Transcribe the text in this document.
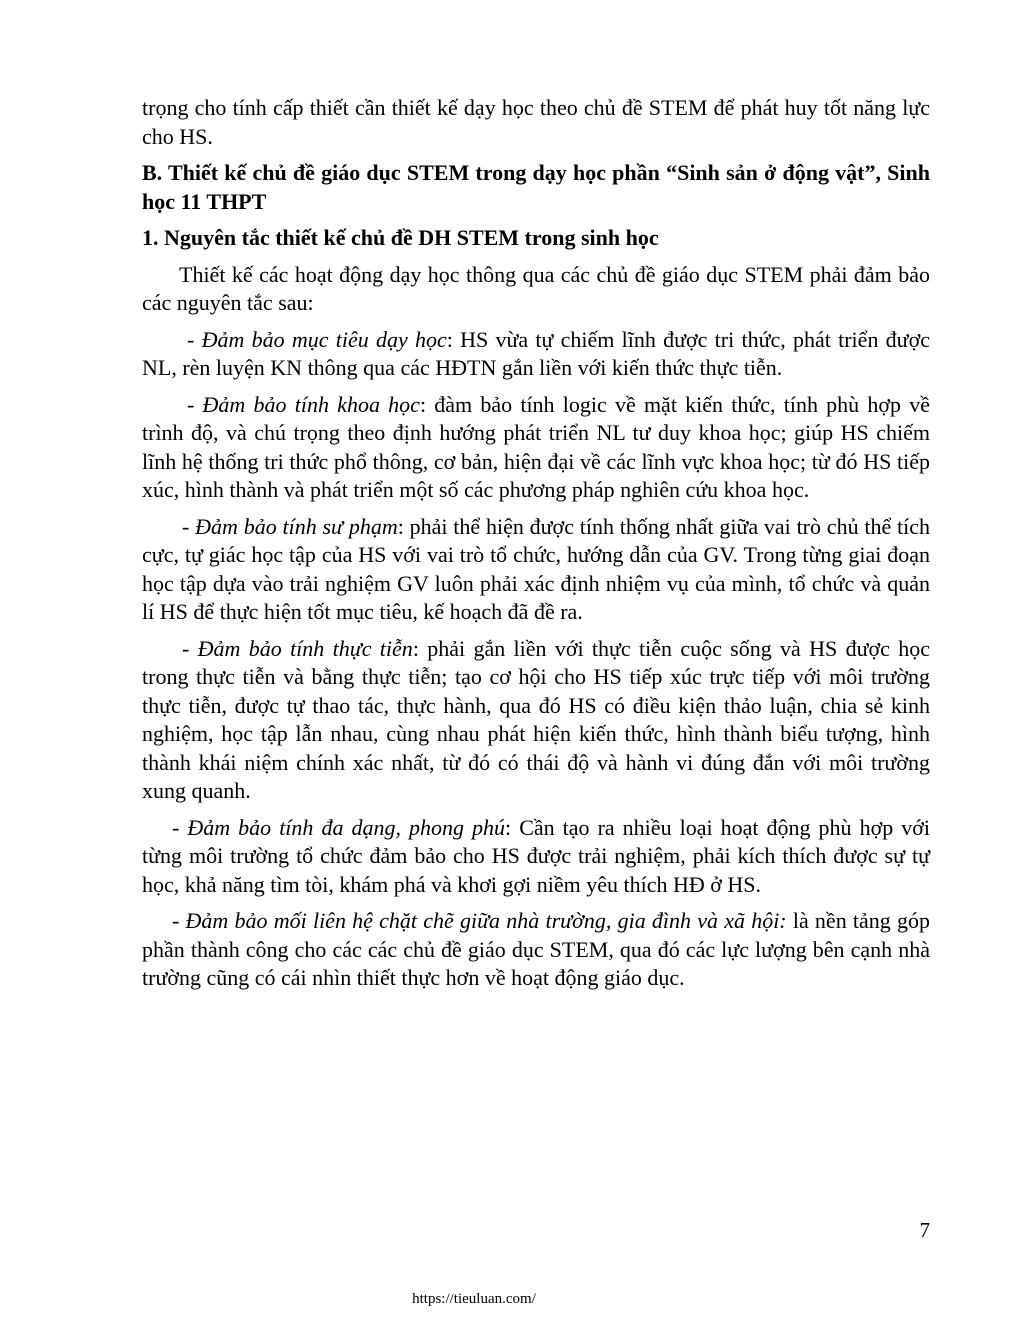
trọng cho tính cấp thiết cần thiết kế dạy học theo chủ đề STEM để phát huy tốt năng lực cho HS.

B. Thiết kế chủ đề giáo dục STEM trong dạy học phần “Sinh sản ở động vật”, Sinh học 11 THPT

1. Nguyên tắc thiết kế chủ đề DH STEM trong sinh học

Thiết kế các hoạt động dạy học thông qua các chủ đề giáo dục STEM phải đảm bảo các nguyên tắc sau:

- Đảm bảo mục tiêu dạy học: HS vừa tự chiếm lĩnh được tri thức, phát triển được NL, rèn luyện KN thông qua các HĐTN gắn liền với kiến thức thực tiễn.

- Đảm bảo tính khoa học: đàm bảo tính logic về mặt kiến thức, tính phù hợp về trình độ, và chú trọng theo định hướng phát triển NL tư duy khoa học; giúp HS chiếm lĩnh hệ thống tri thức phổ thông, cơ bản, hiện đại về các lĩnh vực khoa học; từ đó HS tiếp xúc, hình thành và phát triển một số các phương pháp nghiên cứu khoa học.

- Đảm bảo tính sư phạm: phải thể hiện được tính thống nhất giữa vai trò chủ thể tích cực, tự giác học tập của HS với vai trò tổ chức, hướng dẫn của GV. Trong từng giai đoạn học tập dựa vào trải nghiệm GV luôn phải xác định nhiệm vụ của mình, tổ chức và quản lí HS để thực hiện tốt mục tiêu, kế hoạch đã đề ra.

- Đảm bảo tính thực tiễn: phải gắn liền với thực tiễn cuộc sống và HS được học trong thực tiễn và bằng thực tiễn; tạo cơ hội cho HS tiếp xúc trực tiếp với môi trường thực tiễn, được tự thao tác, thực hành, qua đó HS có điều kiện thảo luận, chia sẻ kinh nghiệm, học tập lẫn nhau, cùng nhau phát hiện kiến thức, hình thành biểu tượng, hình thành khái niệm chính xác nhất, từ đó có thái độ và hành vi đúng đắn với môi trường xung quanh.

- Đảm bảo tính đa dạng, phong phú: Cần tạo ra nhiều loại hoạt động phù hợp với từng môi trường tổ chức đảm bảo cho HS được trải nghiệm, phải kích thích được sự tự học, khả năng tìm tòi, khám phá và khơi gợi niềm yêu thích HĐ ở HS.

- Đảm bảo mối liên hệ chặt chẽ giữa nhà trường, gia đình và xã hội: là nền tảng góp phần thành công cho các các chủ đề giáo dục STEM, qua đó các lực lượng bên cạnh nhà trường cũng có cái nhìn thiết thực hơn về hoạt động giáo dục.

7
https://tieuluan.com/
